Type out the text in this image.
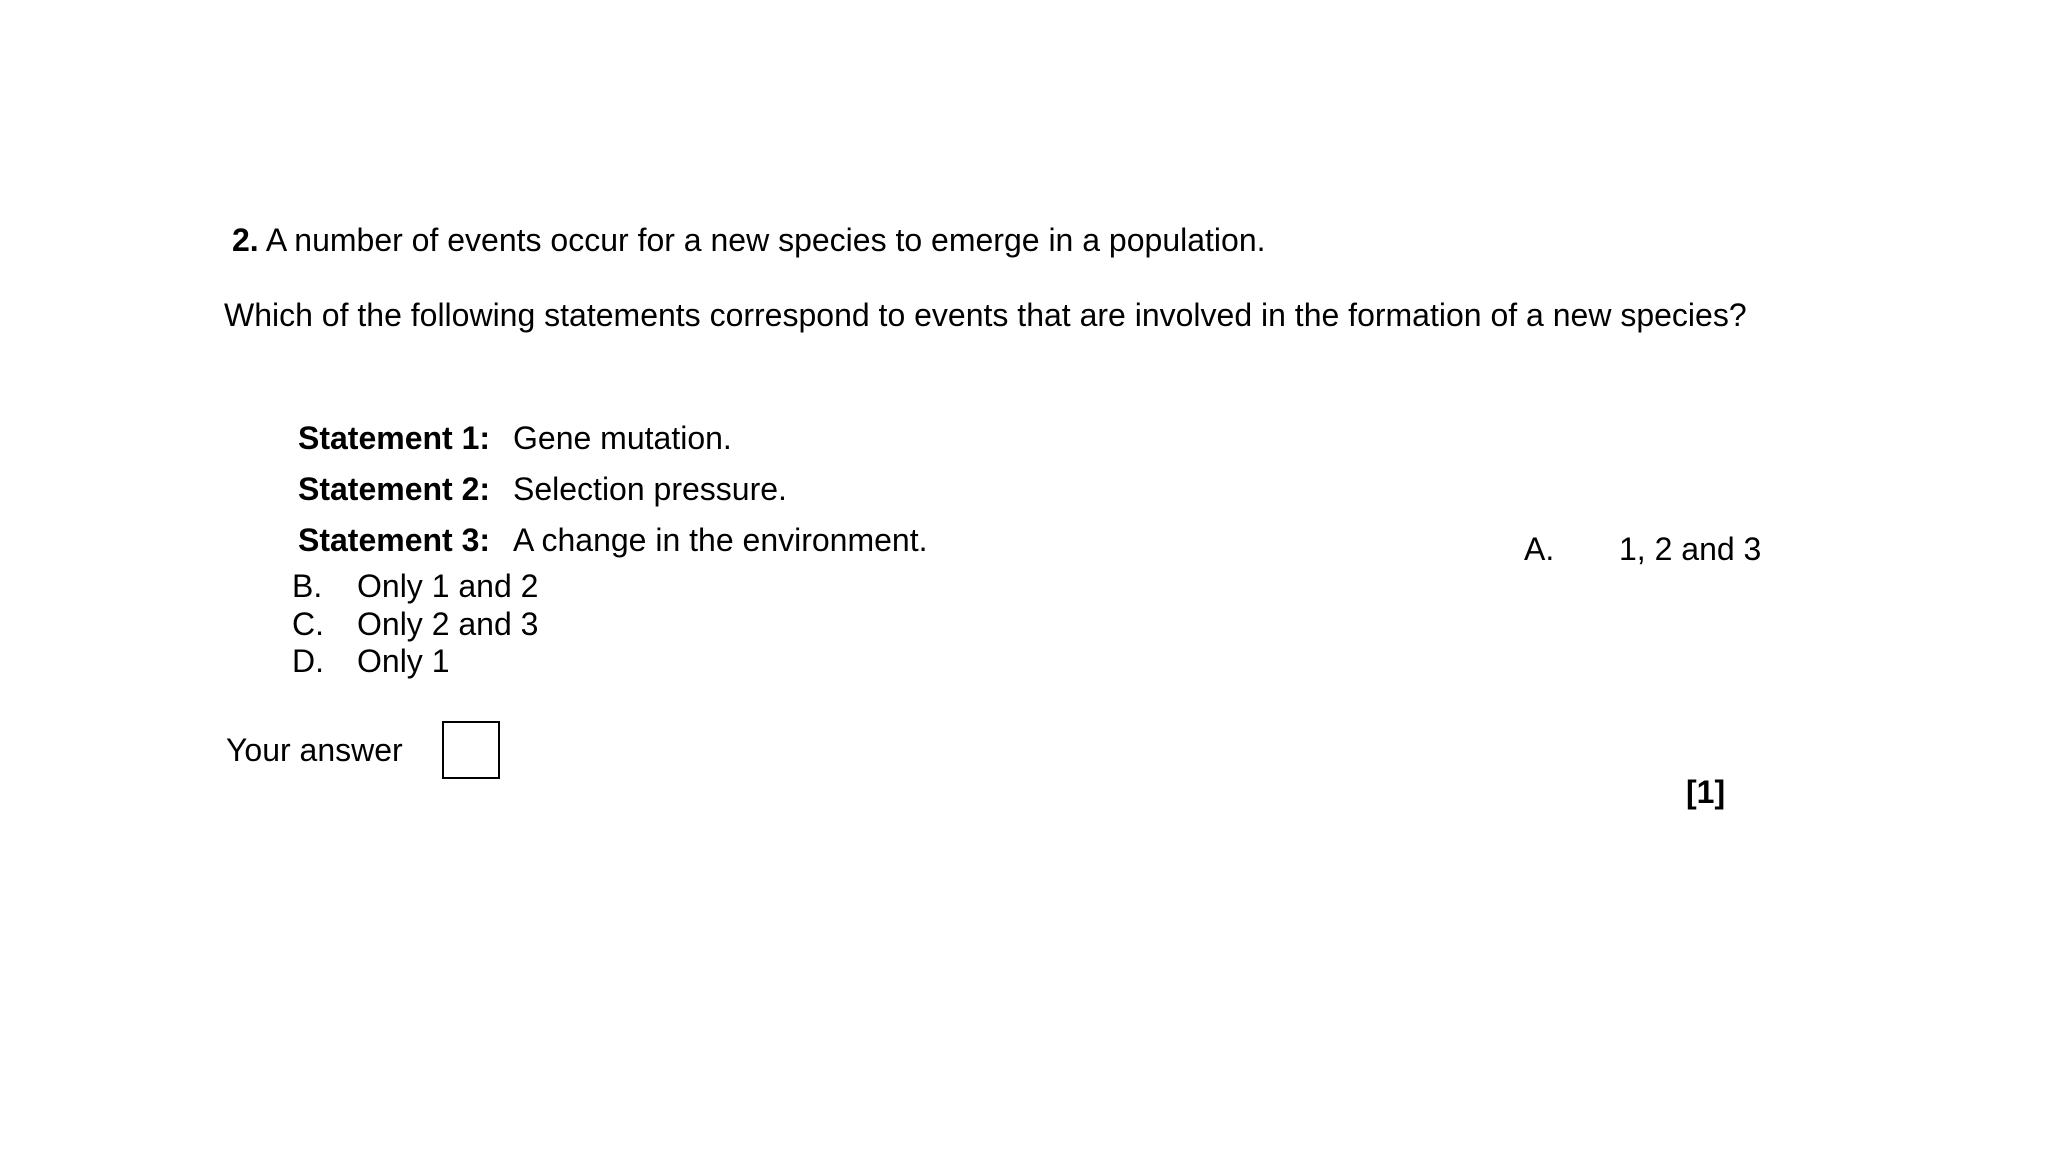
2. A number of events occur for a new species to emerge in a population.
Which of the following statements correspond to events that are involved in the formation of a new species?
Statement 1: Gene mutation.
Statement 2: Selection pressure.
Statement 3: A change in the environment.	A. 1, 2 and 3
B. Only 1 and 2
C. Only 2 and 3
D. Only 1
Your answer
[1]
